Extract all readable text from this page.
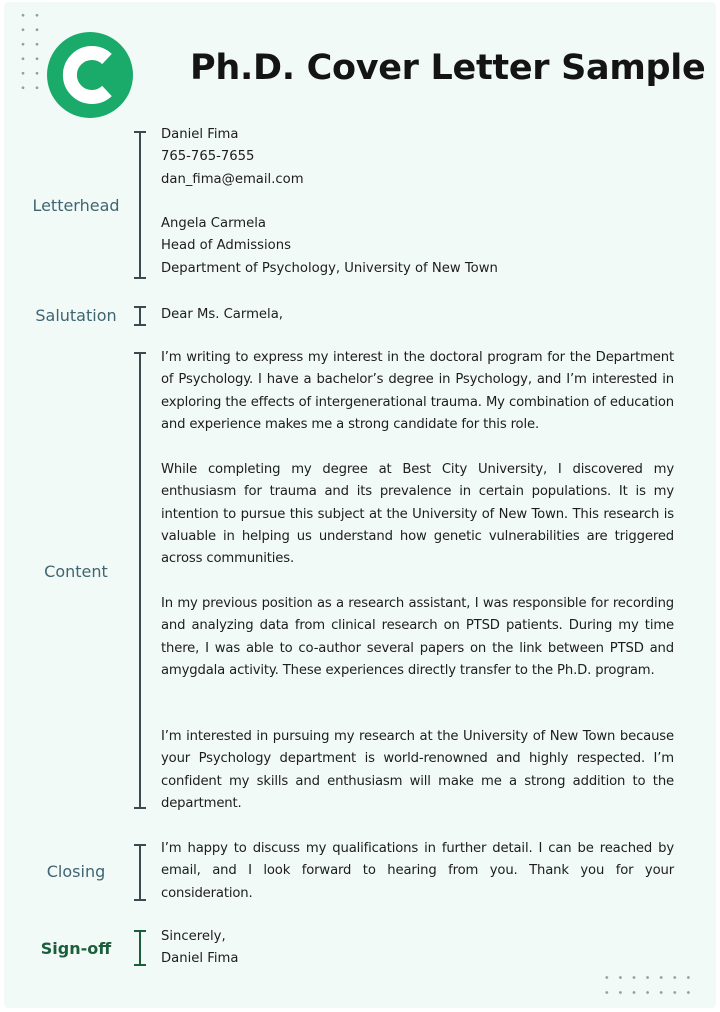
Ph.D. Cover Letter Sample
Letterhead
Daniel Fima
765-765-7655
dan_fima@email.com

Angela Carmela
Head of Admissions
Department of Psychology, University of New Town
Salutation	Dear Ms. Carmela,
Content
I’m writing to express my interest in the doctoral program for the Department of Psychology. I have a bachelor’s degree in Psychology, and I’m interested in exploring the effects of intergenerational trauma. My combination of education and experience makes me a strong candidate for this role.
While completing my degree at Best City University, I discovered my enthusiasm for trauma and its prevalence in certain populations. It is my intention to pursue this subject at the University of New Town. This research is valuable in helping us understand how genetic vulnerabilities are triggered across communities.
In my previous position as a research assistant, I was responsible for recording and analyzing data from clinical research on PTSD patients. During my time there, I was able to co-author several papers on the link between PTSD and amygdala activity. These experiences directly transfer to the Ph.D. program.
I’m interested in pursuing my research at the University of New Town because your Psychology department is world-renowned and highly respected. I’m confident my skills and enthusiasm will make me a strong addition to the department.
Closing
I’m happy to discuss my qualifications in further detail. I can be reached by email, and I look forward to hearing from you. Thank you for your consideration.
Sign-off
Sincerely,
Daniel Fima
